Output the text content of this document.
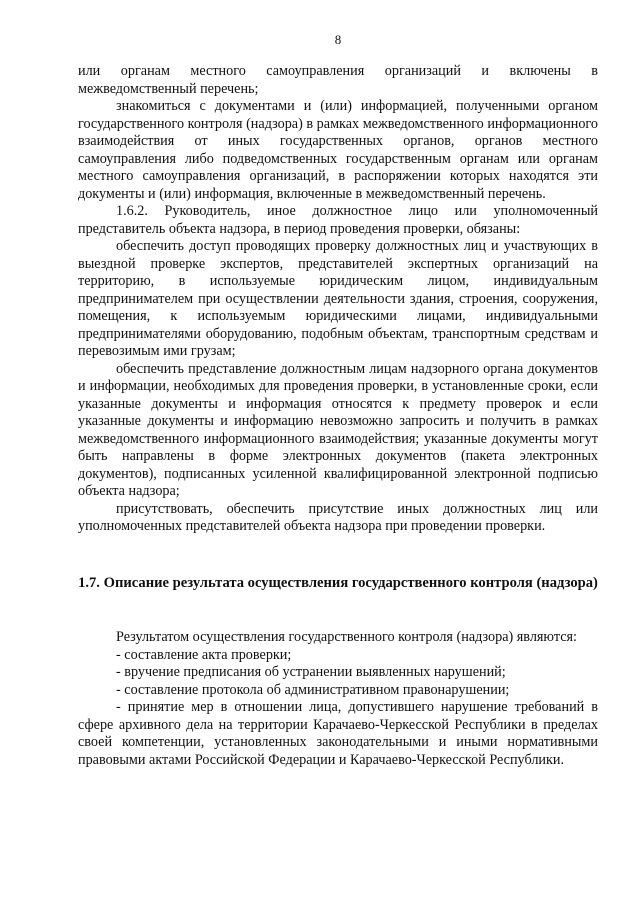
8

или органам местного самоуправления организаций и включены в межведомственный перечень;

знакомиться с документами и (или) информацией, полученными органом государственного контроля (надзора) в рамках межведомственного информационного взаимодействия от иных государственных органов, органов местного самоуправления либо подведомственных государственным органам или органам местного самоуправления организаций, в распоряжении которых находятся эти документы и (или) информация, включенные в межведомственный перечень.

1.6.2. Руководитель, иное должностное лицо или уполномоченный представитель объекта надзора, в период проведения проверки, обязаны:

обеспечить доступ проводящих проверку должностных лиц и участвующих в выездной проверке экспертов, представителей экспертных организаций на территорию, в используемые юридическим лицом, индивидуальным предпринимателем при осуществлении деятельности здания, строения, сооружения, помещения, к используемым юридическими лицами, индивидуальными предпринимателями оборудованию, подобным объектам, транспортным средствам и перевозимым ими грузам;

обеспечить представление должностным лицам надзорного органа документов и информации, необходимых для проведения проверки, в установленные сроки, если указанные документы и информация относятся к предмету проверок и если указанные документы и информацию невозможно запросить и получить в рамках межведомственного информационного взаимодействия; указанные документы могут быть направлены в форме электронных документов (пакета электронных документов), подписанных усиленной квалифицированной электронной подписью объекта надзора;

присутствовать, обеспечить присутствие иных должностных лиц или уполномоченных представителей объекта надзора при проведении проверки.

1.7. Описание результата осуществления государственного контроля (надзора)

Результатом осуществления государственного контроля (надзора) являются:

- составление акта проверки;

- вручение предписания об устранении выявленных нарушений;

- составление протокола об административном правонарушении;

- принятие мер в отношении лица, допустившего нарушение требований в сфере архивного дела на территории Карачаево-Черкесской Республики в пределах своей компетенции, установленных законодательными и иными нормативными правовыми актами Российской Федерации и Карачаево-Черкесской Республики.
